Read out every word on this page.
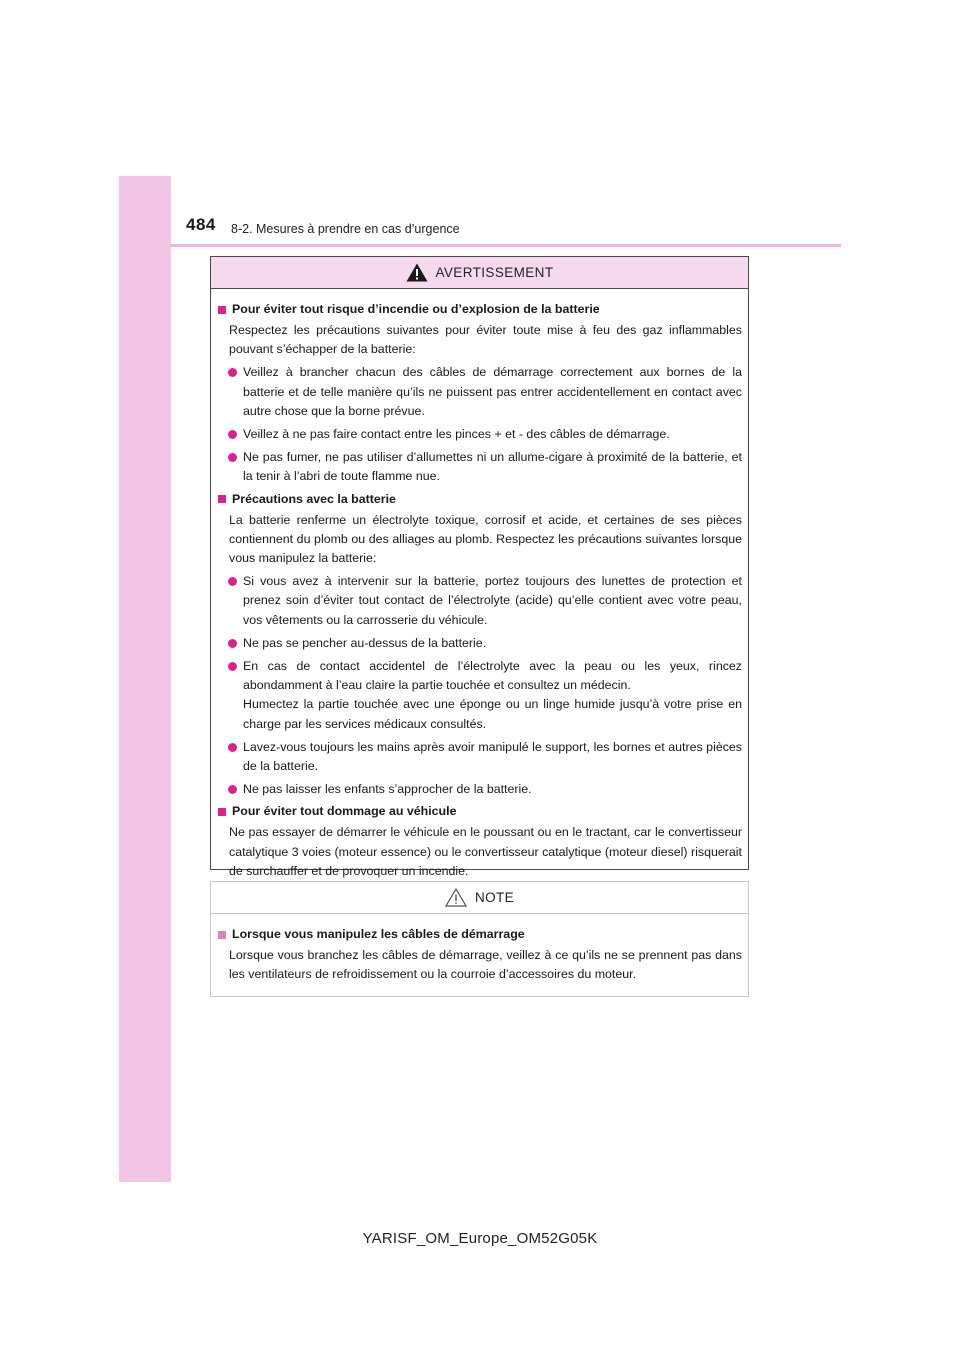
484 8-2. Mesures à prendre en cas d’urgence
AVERTISSEMENT
Pour éviter tout risque d’incendie ou d’explosion de la batterie
Respectez les précautions suivantes pour éviter toute mise à feu des gaz inflammables pouvant s’échapper de la batterie:
Veillez à brancher chacun des câbles de démarrage correctement aux bornes de la batterie et de telle manière qu’ils ne puissent pas entrer accidentellement en contact avec autre chose que la borne prévue.
Veillez à ne pas faire contact entre les pinces + et - des câbles de démarrage.
Ne pas fumer, ne pas utiliser d’allumettes ni un allume-cigare à proximité de la batterie, et la tenir à l’abri de toute flamme nue.
Précautions avec la batterie
La batterie renferme un électrolyte toxique, corrosif et acide, et certaines de ses pièces contiennent du plomb ou des alliages au plomb. Respectez les précautions suivantes lorsque vous manipulez la batterie:
Si vous avez à intervenir sur la batterie, portez toujours des lunettes de protection et prenez soin d’éviter tout contact de l’électrolyte (acide) qu’elle contient avec votre peau, vos vêtements ou la carrosserie du véhicule.
Ne pas se pencher au-dessus de la batterie.
En cas de contact accidentel de l’électrolyte avec la peau ou les yeux, rincez abondamment à l’eau claire la partie touchée et consultez un médecin.
Humectez la partie touchée avec une éponge ou un linge humide jusqu’à votre prise en charge par les services médicaux consultés.
Lavez-vous toujours les mains après avoir manipulé le support, les bornes et autres pièces de la batterie.
Ne pas laisser les enfants s’approcher de la batterie.
Pour éviter tout dommage au véhicule
Ne pas essayer de démarrer le véhicule en le poussant ou en le tractant, car le convertisseur catalytique 3 voies (moteur essence) ou le convertisseur catalytique (moteur diesel) risquerait de surchauffer et de provoquer un incendie.
NOTE
Lorsque vous manipulez les câbles de démarrage
Lorsque vous branchez les câbles de démarrage, veillez à ce qu’ils ne se prennent pas dans les ventilateurs de refroidissement ou la courroie d’accessoires du moteur.
YARISF_OM_Europe_OM52G05K
